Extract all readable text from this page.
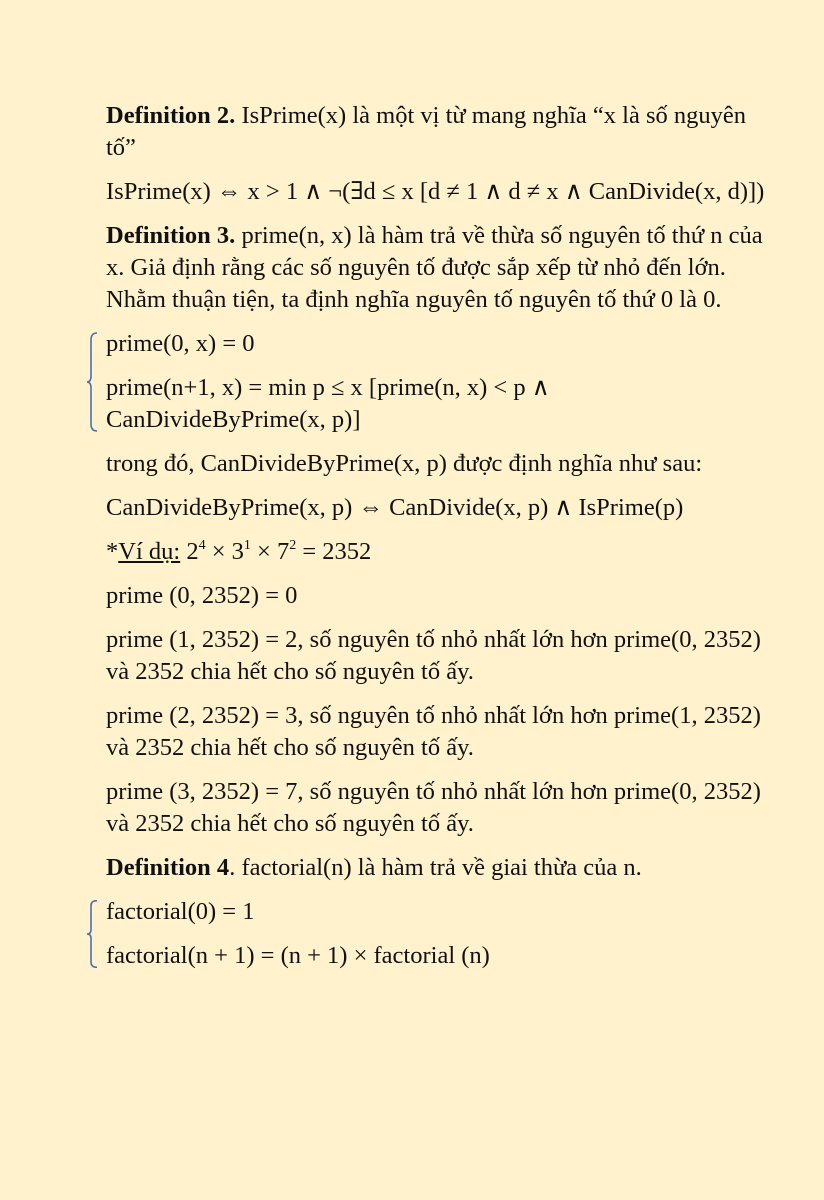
Definition 2. IsPrime(x) là một vị từ mang nghĩa “x là số nguyên tố”

IsPrime(x) ⇔ x > 1 ∧ ¬(∃d ≤ x [d ≠ 1 ∧ d ≠ x ∧ CanDivide(x, d)])

Definition 3. prime(n, x) là hàm trả về thừa số nguyên tố thứ n của x. Giả định rằng các số nguyên tố được sắp xếp từ nhỏ đến lớn. Nhằm thuận tiện, ta định nghĩa nguyên tố nguyên tố thứ 0 là 0.

prime(0, x) = 0
prime(n+1, x) = min p ≤ x [prime(n, x) < p ∧ CanDivideByPrime(x, p)]

trong đó, CanDivideByPrime(x, p) được định nghĩa như sau:

CanDivideByPrime(x, p) ⇔ CanDivide(x, p) ∧ IsPrime(p)

*Ví dụ: $2^4 \times 3^1 \times 7^2 = 2352$

prime (0, 2352) = 0

prime (1, 2352) = 2, số nguyên tố nhỏ nhất lớn hơn prime(0, 2352) và 2352 chia hết cho số nguyên tố ấy.

prime (2, 2352) = 3, số nguyên tố nhỏ nhất lớn hơn prime(1, 2352) và 2352 chia hết cho số nguyên tố ấy.

prime (3, 2352) = 7, số nguyên tố nhỏ nhất lớn hơn prime(0, 2352) và 2352 chia hết cho số nguyên tố ấy.

Definition 4. factorial(n) là hàm trả về giai thừa của n.

factorial(0) = 1
factorial(n + 1) = (n + 1) × factorial (n)
